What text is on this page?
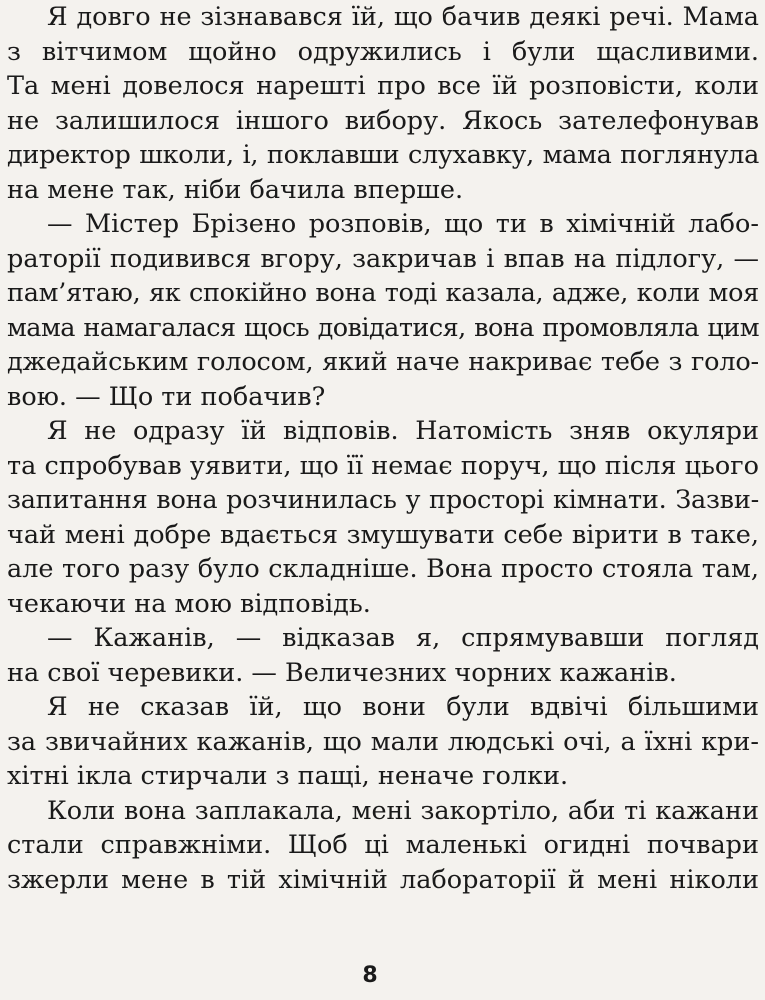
Я довго не зізнавався їй, що бачив деякі речі. Мама
з вітчимом щойно одружились і були щасливими.
Та мені довелося нарешті про все їй розповісти, коли
не залишилося іншого вибору. Якось зателефонував
директор школи, і, поклавши слухавку, мама поглянула
на мене так, ніби бачила вперше.
— Містер Брізено розповів, що ти в хімічній лабо-
раторії подивився вгору, закричав і впав на підлогу, —
пам’ятаю, як спокійно вона тоді казала, адже, коли моя
мама намагалася щось довідатися, вона промовляла цим
джедайським голосом, який наче накриває тебе з голо-
вою. — Що ти побачив?
Я не одразу їй відповів. Натомість зняв окуляри
та спробував уявити, що її немає поруч, що після цього
запитання вона розчинилась у просторі кімнати. Зазви-
чай мені добре вдається змушувати себе вірити в таке,
але того разу було складніше. Вона просто стояла там,
чекаючи на мою відповідь.
— Кажанів, — відказав я, спрямувавши погляд
на свої черевики. — Величезних чорних кажанів.
Я не сказав їй, що вони були вдвічі більшими
за звичайних кажанів, що мали людські очі, а їхні кри-
хітні ікла стирчали з пащі, неначе голки.
Коли вона заплакала, мені закортіло, аби ті кажани
стали справжніми. Щоб ці маленькі огидні почвари
зжерли мене в тій хімічній лабораторії й мені ніколи
8
